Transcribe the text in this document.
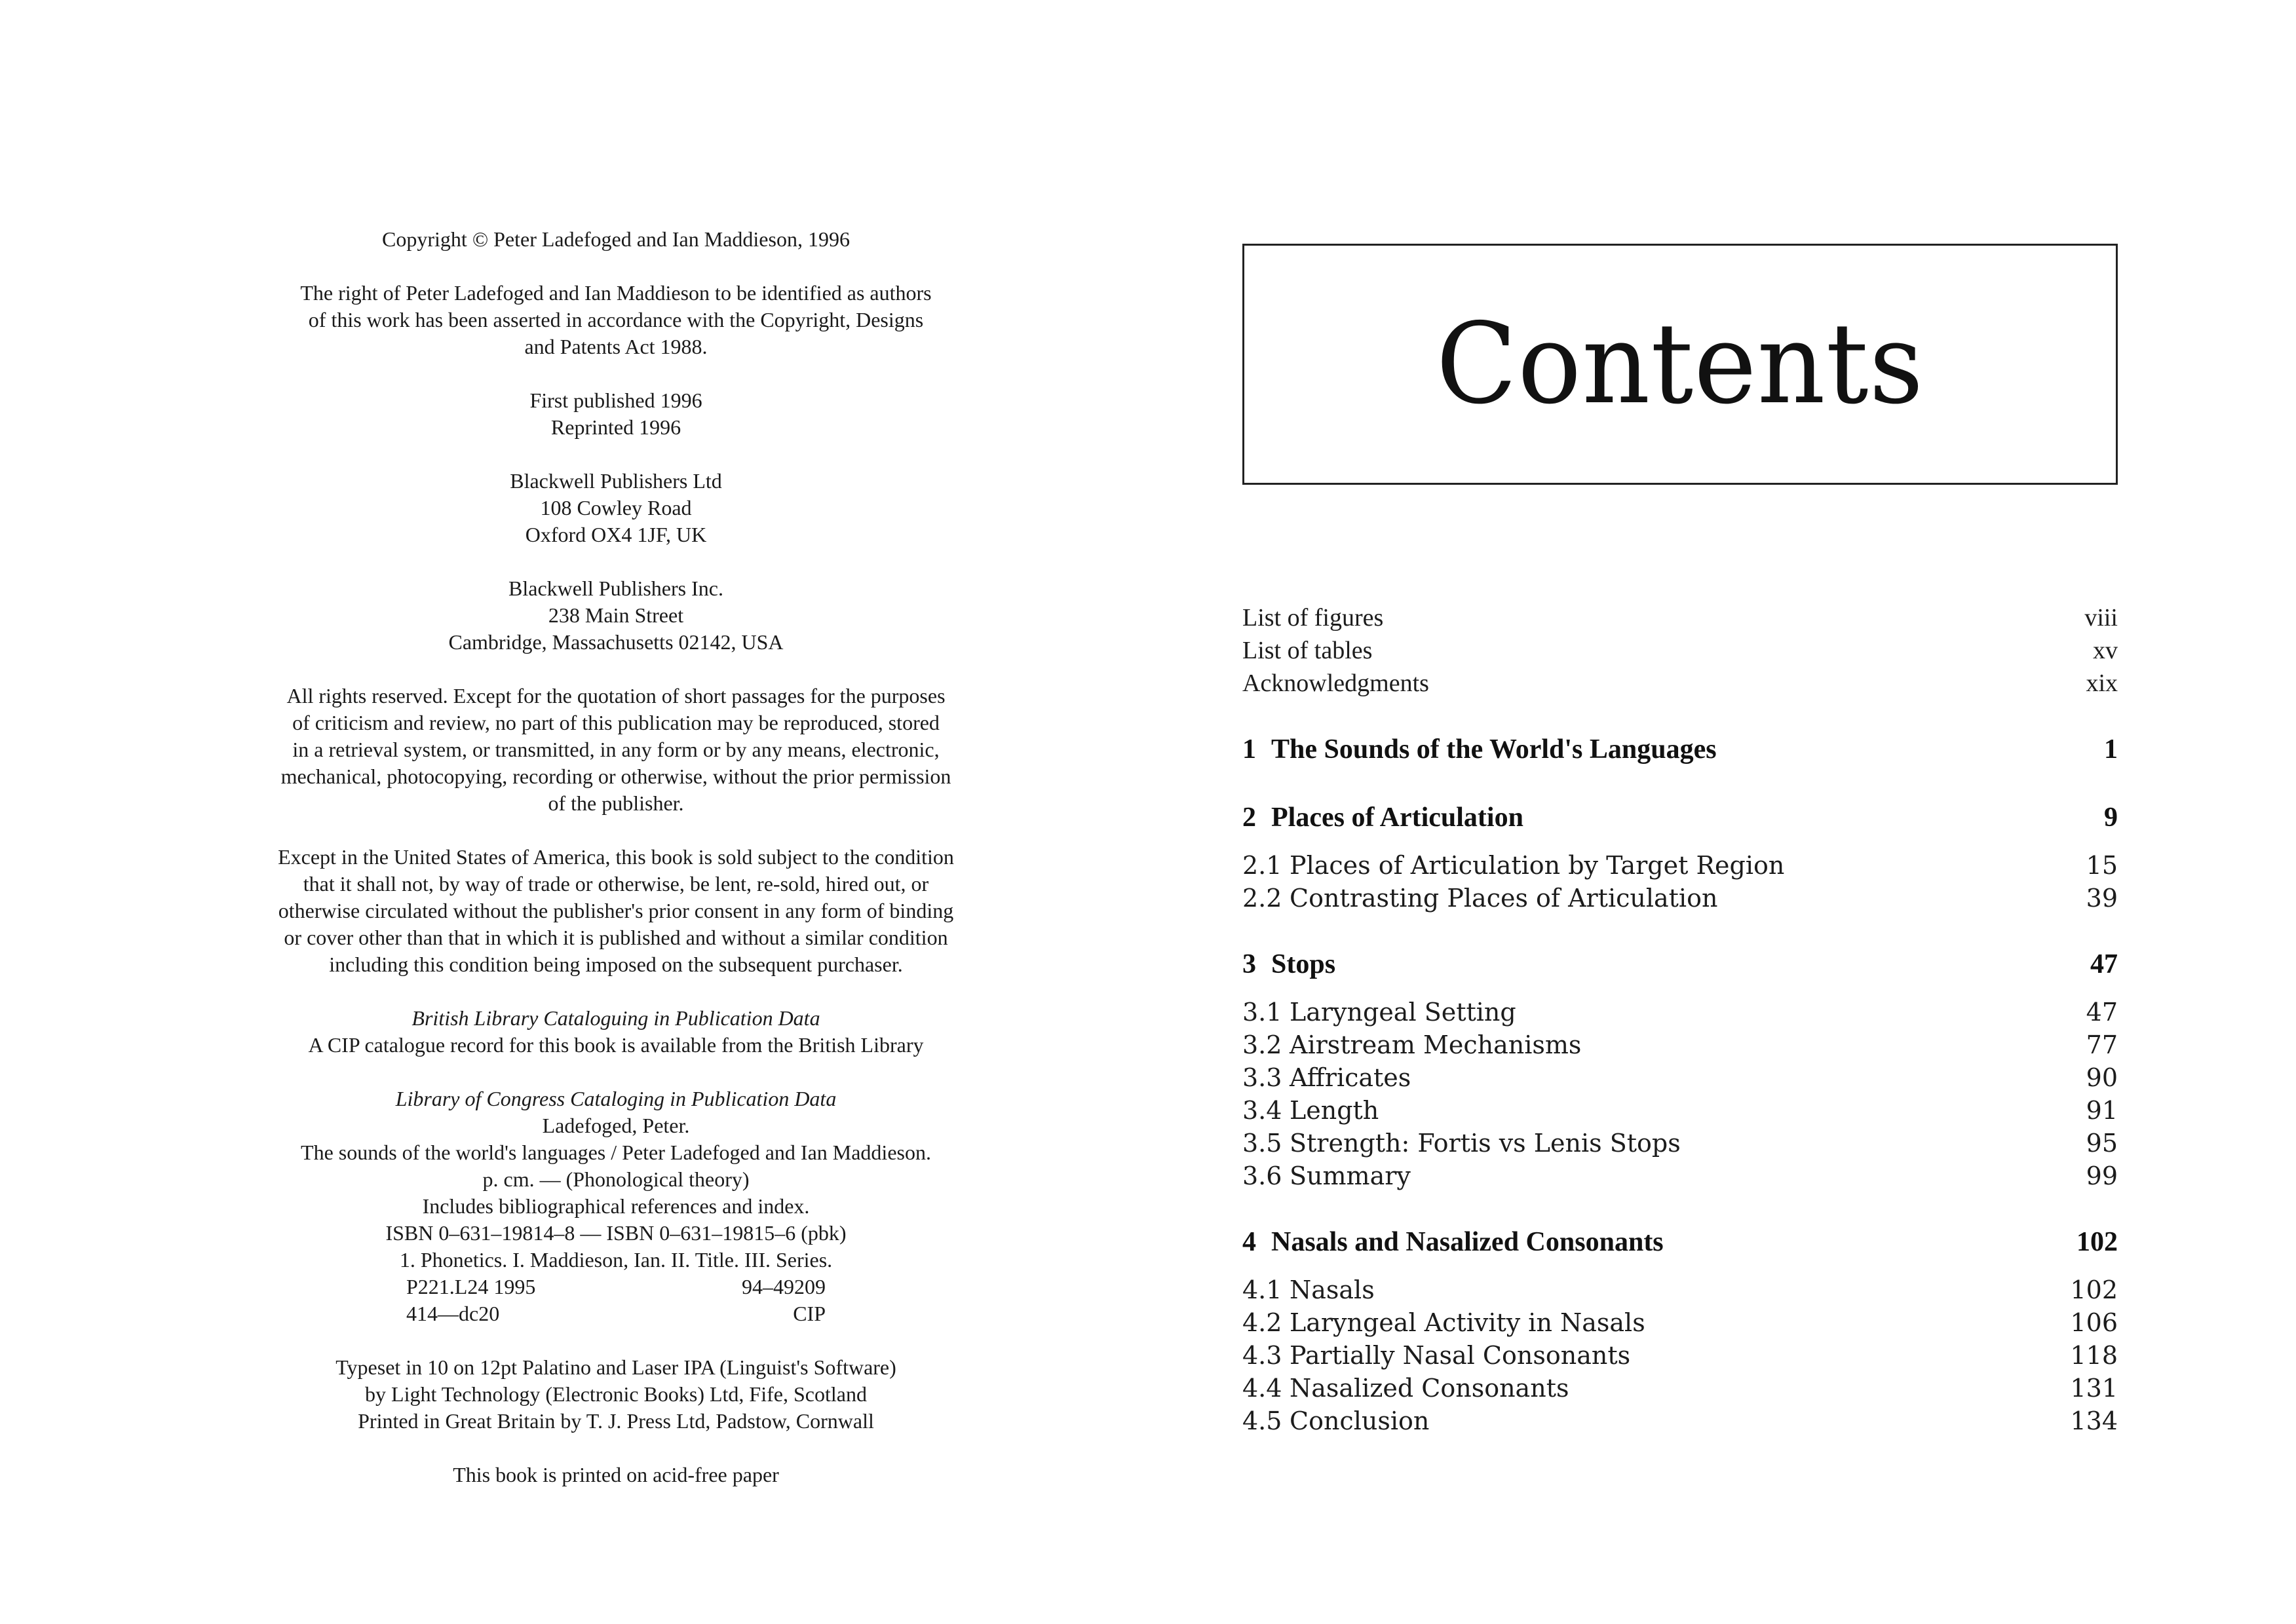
Copyright © Peter Ladefoged and Ian Maddieson, 1996
The right of Peter Ladefoged and Ian Maddieson to be identified as authors
of this work has been asserted in accordance with the Copyright, Designs
and Patents Act 1988.
First published 1996
Reprinted 1996
Blackwell Publishers Ltd
108 Cowley Road
Oxford OX4 1JF, UK
Blackwell Publishers Inc.
238 Main Street
Cambridge, Massachusetts 02142, USA
All rights reserved. Except for the quotation of short passages for the purposes
of criticism and review, no part of this publication may be reproduced, stored
in a retrieval system, or transmitted, in any form or by any means, electronic,
mechanical, photocopying, recording or otherwise, without the prior permission
of the publisher.
Except in the United States of America, this book is sold subject to the condition
that it shall not, by way of trade or otherwise, be lent, re-sold, hired out, or
otherwise circulated without the publisher's prior consent in any form of binding
or cover other than that in which it is published and without a similar condition
including this condition being imposed on the subsequent purchaser.
British Library Cataloguing in Publication Data
A CIP catalogue record for this book is available from the British Library
Library of Congress Cataloging in Publication Data
Ladefoged, Peter.
The sounds of the world's languages / Peter Ladefoged and Ian Maddieson.
p. cm. — (Phonological theory)
Includes bibliographical references and index.
ISBN 0–631–19814–8 — ISBN 0–631–19815–6 (pbk)
1. Phonetics. I. Maddieson, Ian. II. Title. III. Series.
P221.L24 1995	94–49209
414—dc20	CIP
Typeset in 10 on 12pt Palatino and Laser IPA (Linguist's Software)
by Light Technology (Electronic Books) Ltd, Fife, Scotland
Printed in Great Britain by T. J. Press Ltd, Padstow, Cornwall
This book is printed on acid-free paper
Contents
List of figures	viii
List of tables	xv
Acknowledgments	xix
1 The Sounds of the World's Languages	1
2 Places of Articulation	9
2.1 Places of Articulation by Target Region	15
2.2 Contrasting Places of Articulation	39
3 Stops	47
3.1 Laryngeal Setting	47
3.2 Airstream Mechanisms	77
3.3 Affricates	90
3.4 Length	91
3.5 Strength: Fortis vs Lenis Stops	95
3.6 Summary	99
4 Nasals and Nasalized Consonants	102
4.1 Nasals	102
4.2 Laryngeal Activity in Nasals	106
4.3 Partially Nasal Consonants	118
4.4 Nasalized Consonants	131
4.5 Conclusion	134
